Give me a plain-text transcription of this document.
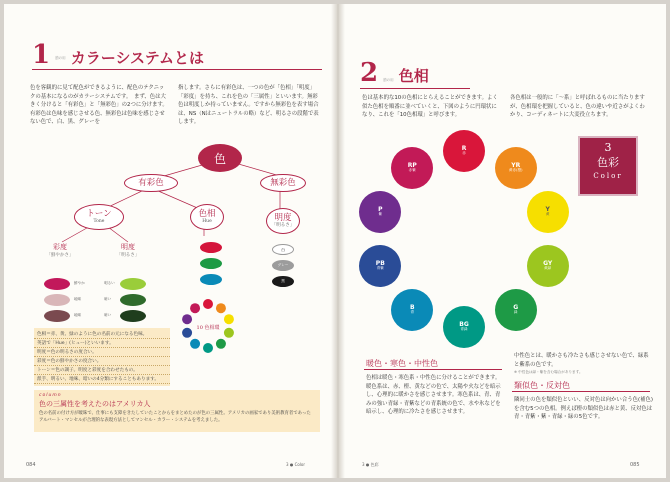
1 節の用 カラーシステムとは
色を客観的に見て配色ができるように、配色のテクニックの基本になるのがカラーシステムです。　まず、色は大きく分けると「有彩色」と「無彩色」の2つに分けます。有彩色は色味を感じさせる色、無彩色は色味を感じさせない色で、白、黒、グレーを
指します。さらに有彩色は、一つの色が「色相」「明度」「彩度」を持ち、これを色の「三属性」といいます。無彩色は明度しか持っていません。ですから無彩色を表す場合は、NS（Nはニュートラルの略）など、明るさの段階で表します。
色
有彩色	無彩色
トーン
Tone
色相
Hue	明度
「明るさ」
彩度
「鮮やかさ」
明度
「明るさ」
鮮やか
地味
地味
明るい
暗い
暗い
10 色相環
白
グレー
黒
色相＝赤、黄、緑のように色の名前の元になる色味。
英語で「Hue」(ヒュー)といいます。
明度＝色の明るさの度合い。
彩度＝色の鮮やかさの度合い。
トーン＝色の調子。明度と彩度を合わせたもの。
派手、明るい、地味、暗いの4分類にすることもあります。
column
色の三属性を考えたのはアメリカ人
色の名前の付け方が曖昧で、仕事にも支障をきたしていたことからをまとめたのが色の三属性。アメリカの画家であり美術教育者であったアルバート・マンセルが合理的な表現方法としてマンセル・カラー・システムを考えました。
084	3 ● Color
2 節の用 色相
色は基本的な10の色相にとらえることができます。よく似た色相を順番に並べていくと、下図のように円環状になり、これを「10色相環」と呼びます。
各色相は一般的に「～系」と呼ばれるものに当たりますが、色相環を把握していると、色の違いや近さがよくわかり、コーディネートに大変役立ちます。
3
色彩
Color
R
赤
YR
黄赤(橙)
Y
黄
GY
黄緑
G
緑
BG
青緑
B
青
PB
青紫
P
紫
RP
赤紫
暖色・寒色・中性色
色相は暖色・寒色系・中性色に分けることができます。暖色系は、赤、橙、黄などの色で、太陽や火などを暗示し、心理的に暖かさを感じさせます。寒色系は、青、青みの強い青緑・青紫などの青系統の色で、水や氷などを暗示し、心理的に冷たさを感じさせます。
中性色とは、暖かさも冷たさも感じさせない色で、緑系と紫系の色です。
※ 中性色は緑・紫を含む場合があります。
類似色・反対色
隣同士の色を類似色といい、反対色は向かい合う色(補色)を含む5つの色相。例えば橙の類似色は赤と黄、反対色は青・青紫・紫・青緑・緑の5色です。
3 ● 色彩	085
